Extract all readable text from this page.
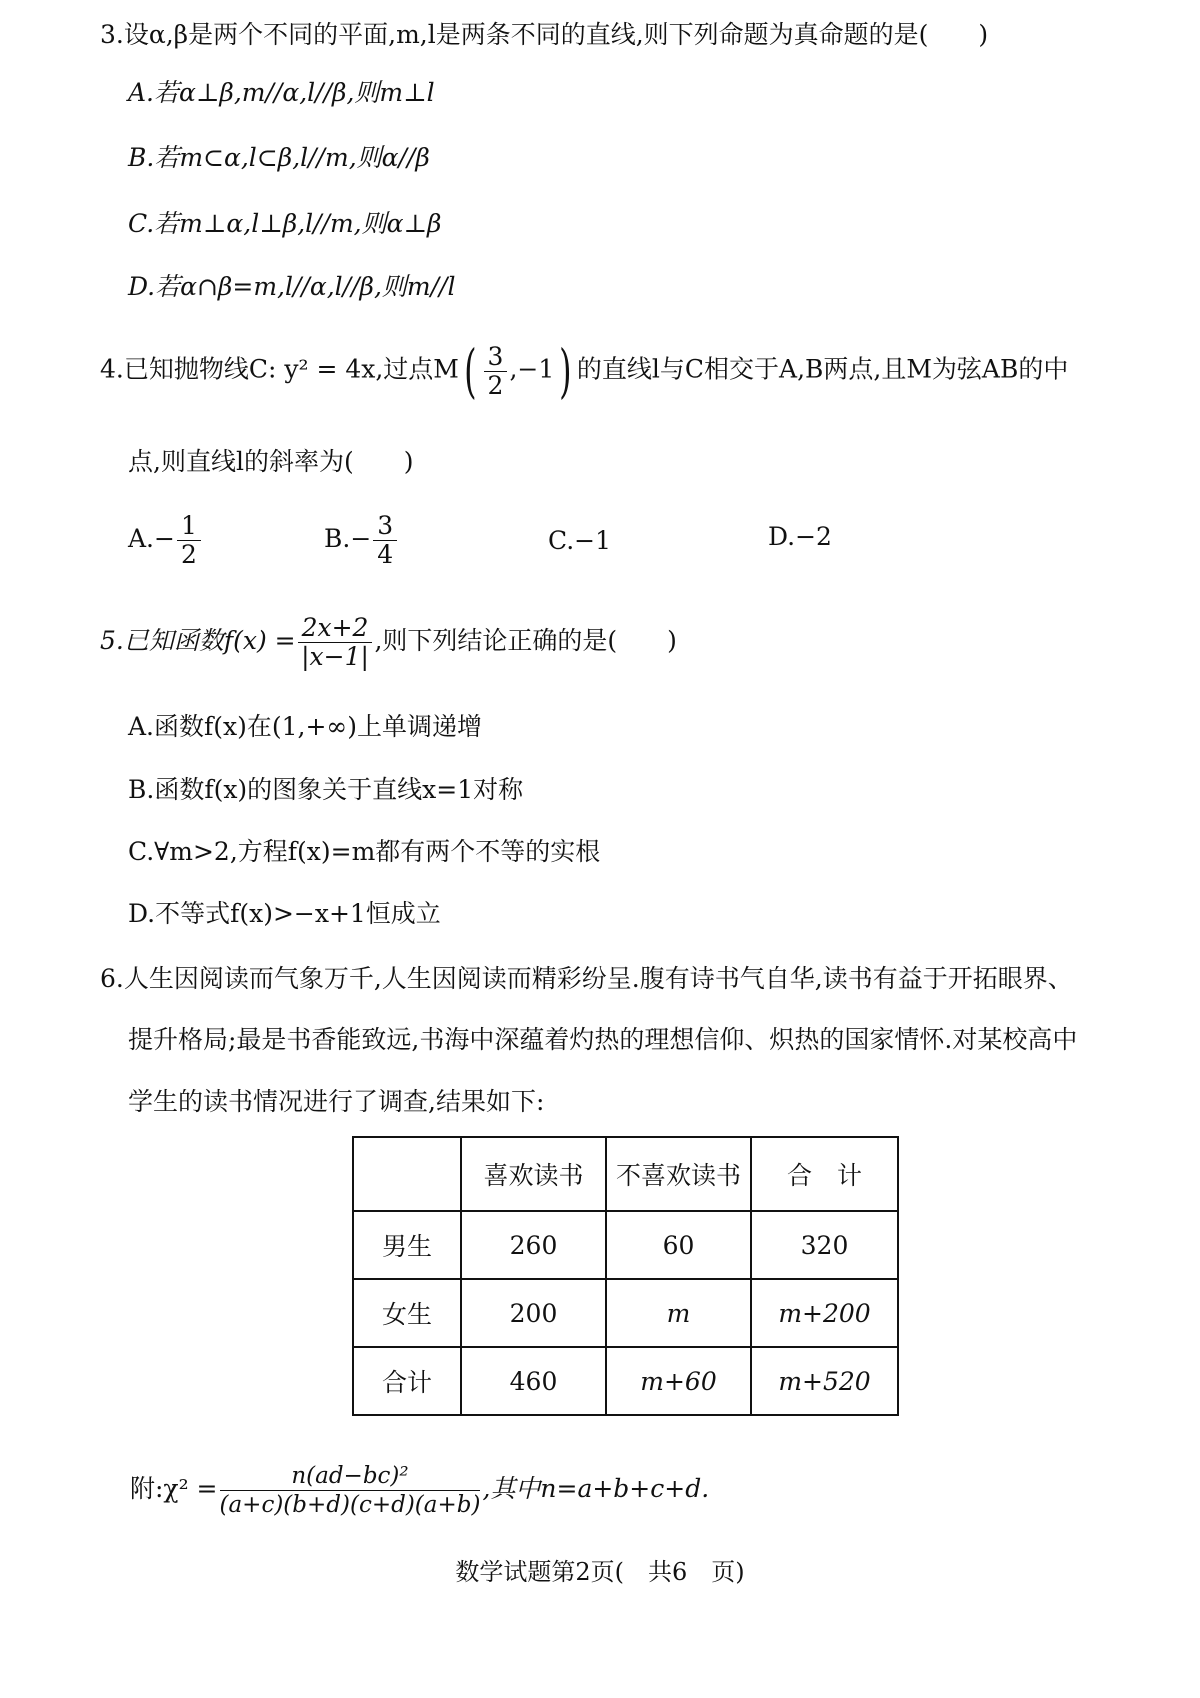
3.设α,β是两个不同的平面,m,l是两条不同的直线,则下列命题为真命题的是(　　)
A.若α⊥β,m//α,l//β,则m⊥l
B.若m⊂α,l⊂β,l//m,则α//β
C.若m⊥α,l⊥β,l//m,则α⊥β
D.若α∩β=m,l//α,l//β,则m//l
4.已知抛物线C: y² = 4x,过点$M( \frac{3}{2} ,-1)$ 的直线l与C相交于A,B两点,且M为弦AB的中
点,则直线l的斜率为(　　)
$A.- \frac{1}{2}$	$B.- \frac{3}{4}$	C.−1	D.−2
5.已知函数$f(x) = \frac{2x+2}{|x-1|}$ ,则下列结论正确的是(　　)
A.函数f(x)在(1,+∞)上单调递增
B.函数f(x)的图象关于直线x=1对称
C.∀m>2,方程f(x)=m都有两个不等的实根
D.不等式f(x)>−x+1恒成立
6.人生因阅读而气象万千,人生因阅读而精彩纷呈.腹有诗书气自华,读书有益于开拓眼界、
提升格局;最是书香能致远,书海中深蕴着灼热的理想信仰、炽热的国家情怀.对某校高中
学生的读书情况进行了调查,结果如下:
	喜欢读书	不喜欢读书	合　计
男生	260	60	320
女生	200	m	m+200
合计	460	m+60	m+520
附:χ² = $\frac{\text{n(ad−bc)²}}{(a+c)(b+d)(c+d)(a+b)}$ ,其中n=a+b+c+d.
数学试题第2页(　共6　页)
